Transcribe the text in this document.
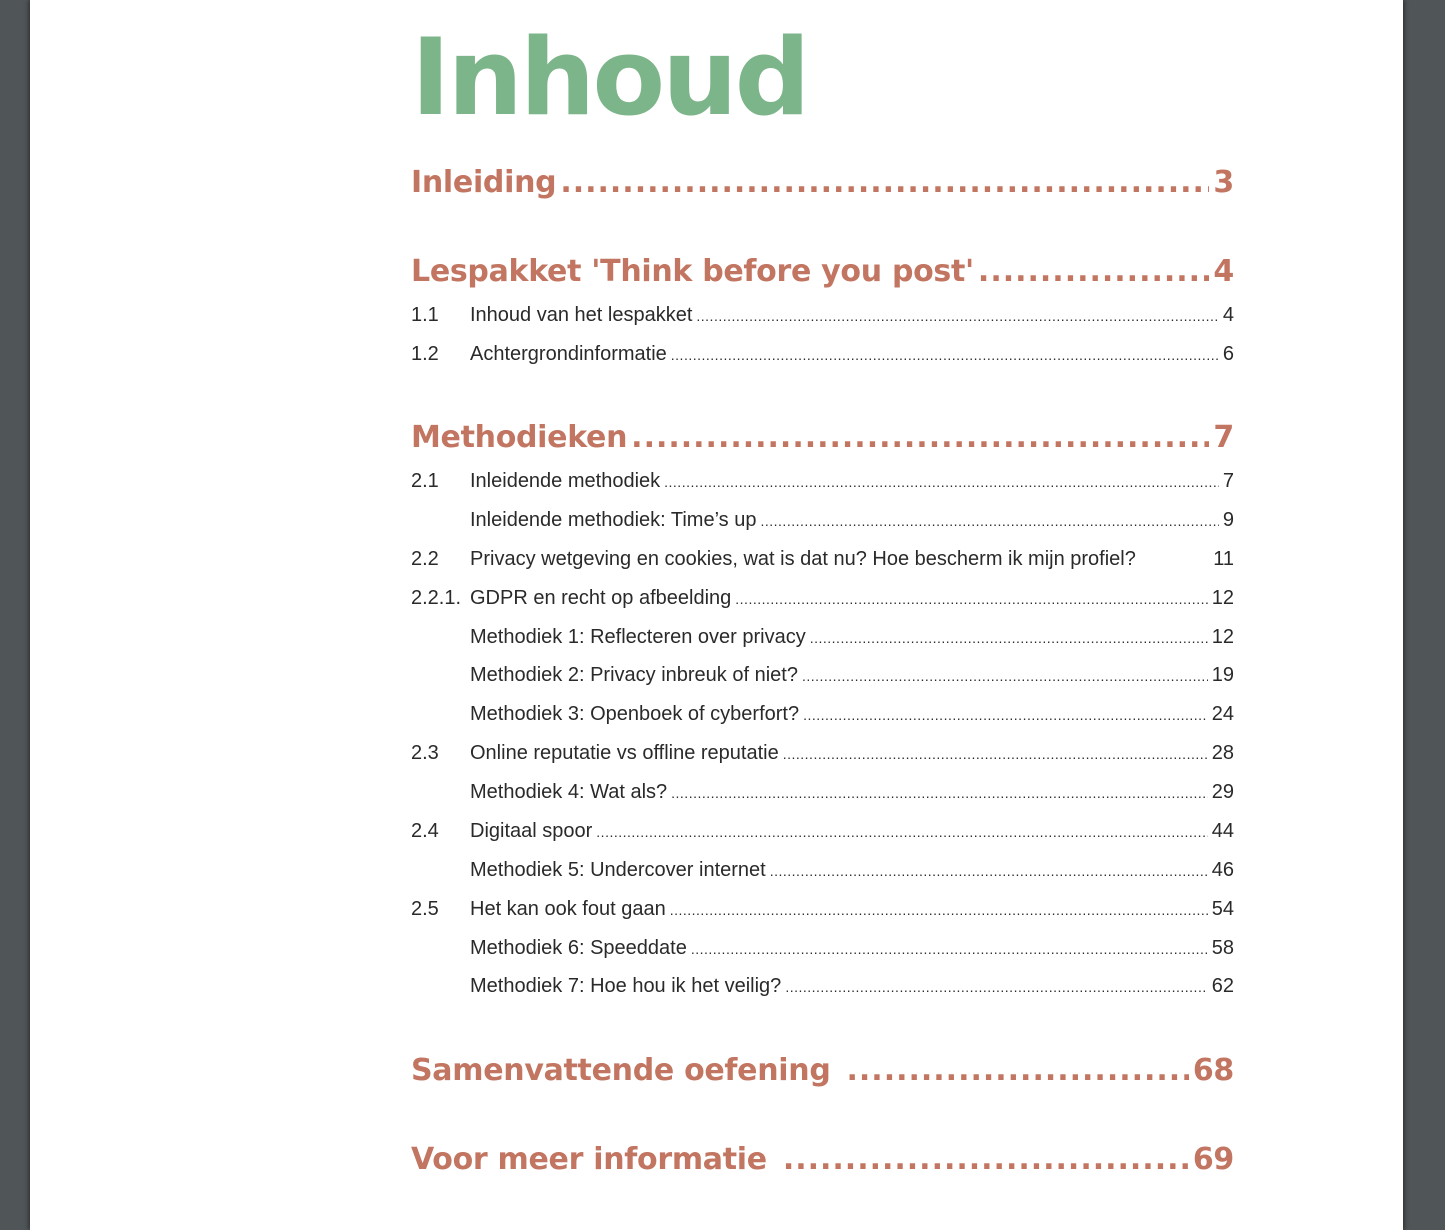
Inhoud
Inleiding .....	3
Lespakket 'Think before you post' .....	4
1.1	Inhoud van het lespakket .....	4
1.2	Achtergrondinformatie .....	6
Methodieken .....	7
2.1	Inleidende methodiek .....	7
Inleidende methodiek: Time’s up .....	9
2.2	Privacy wetgeving en cookies, wat is dat nu? Hoe bescherm ik mijn profiel?	11
2.2.1. GDPR en recht op afbeelding .....	12
Methodiek 1: Reflecteren over privacy .....	12
Methodiek 2: Privacy inbreuk of niet? .....	19
Methodiek 3: Openboek of cyberfort? .....	24
2.3	Online reputatie vs offline reputatie .....	28
Methodiek 4: Wat als? .....	29
2.4	Digitaal spoor .....	44
Methodiek 5: Undercover internet .....	46
2.5	Het kan ook fout gaan .....	54
Methodiek 6: Speeddate .....	58
Methodiek 7: Hoe hou ik het veilig? .....	62
Samenvattende oefening .....	68
Voor meer informatie .....	69
